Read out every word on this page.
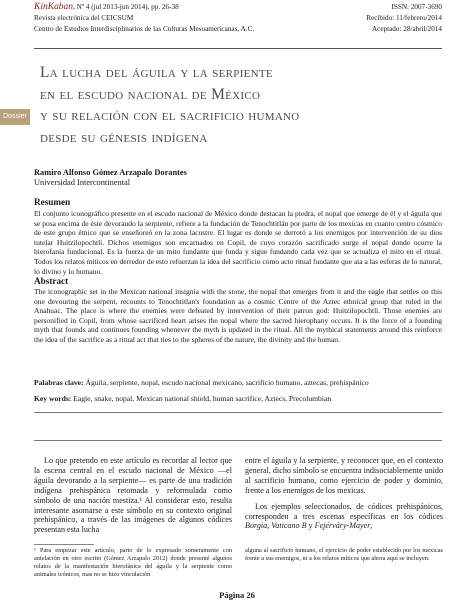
KinKaban, Nº 4 (jul 2013-jun 2014), pp. 26-38	ISSN: 2007-3690
Revista electrónica del CEICSUM	Recibido: 11/febrero/2014
Centro de Estudios Interdisciplinarios de las Culturas Mesoamericanas, A.C.	Aceptado: 28/abril/2014
Dossier
La lucha del águila y la serpiente
en el escudo nacional de México
y su relación con el sacrificio humano
desde su génesis indígena
Ramiro Alfonso Gómez Arzapalo Dorantes
Universidad Intercontinental
Resumen

El conjunto iconográfico presente en el escudo nacional de México donde destacan la piedra, el nopal que emerge de él y el águila que se posa encima de éste devorando la serpiente, refiere a la fundación de Tenochtitlán por parte de los mexicas en cuanto centro cósmico de este grupo étnico que se enseñoreó en la zona lacustre. El lugar es donde se derrotó a los enemigos por intervención de su dios tutelar Huitzilopochtli. Dichos enemigos son encarnados en Copil, de cuyo corazón sacrificado surge el nopal donde ocurre la hierofanía fundacional. Es la fuerza de un mito fundante que funda y sigue fundando cada vez que se actualiza el mito en el ritual. Todos los relatos míticos en derredor de esto refuerzan la idea del sacrificio como acto ritual fundante que ata a las esferas de lo natural, lo divino y lo humano.

Abstract

The iconographic set in the Mexican national insignia with the stone, the nopal that emerges from it and the eagle that settles on this one devouring the serpent, recounts to Tenochtitlan's foundation as a cosmic Centre of the Aztec ethnical group that ruled in the Anahuac. The place is where the enemies were defeated by intervention of their patron god: Huitzilopochtli. Those enemies are personified in Copil, from whose sacrificed heart arises the nopal where the sacred hierophany occurs. It is the force of a founding myth that founds and continues founding whenever the myth is updated in the ritual. All the mythical statements around this reinforce the idea of the sacrifice as a ritual act that ties to the spheres of the nature, the divinity and the human.

Palabras clave: Águila, serpiente, nopal, escudo nacional mexicano, sacrificio humano, aztecas, prehispánico

Key words: Eagle, snake, nopal, Mexican national shield, human sacrifice, Aztecs, Precolumbian

Lo que pretendo en este artículo es recordar al lector que la escena central en el escudo nacional de México —el águila devorando a la serpiente— es parte de una tradición indígena prehispánica retomada y reformulada como símbolo de una nación mestiza.¹ Al considerar esto, resulta interesante asomarse a este símbolo en su contexto original prehispánico, a través de las imágenes de algunos códices presentan esta lucha

entre el águila y la serpiente, y reconocer que, en el contexto general, dicho símbolo se encuentra indisociablemente unido al sacrificio humano, como ejercicio de poder y dominio, frente a los enemigos de los mexicas.

Los ejemplos seleccionados, de códices prehispánicos, corresponden a tres escenas específicas en los códices Borgia, Vaticano B y Fejérváry-Mayer,

¹ Para empezar este artículo, parto de lo expresado someramente con antelación en otro escrito (Gómez Arzapalo 2012) donde presenté algunos relatos de la manifestación hierofánica del águila y la serpiente como animales icónicos, mas no se hizo vinculación

alguna al sacrificio humano, el ejercicio de poder establecido por los mexicas frente a sus enemigos, ni a los relatos míticos que ahora aquí se incluyen.

Página 26
